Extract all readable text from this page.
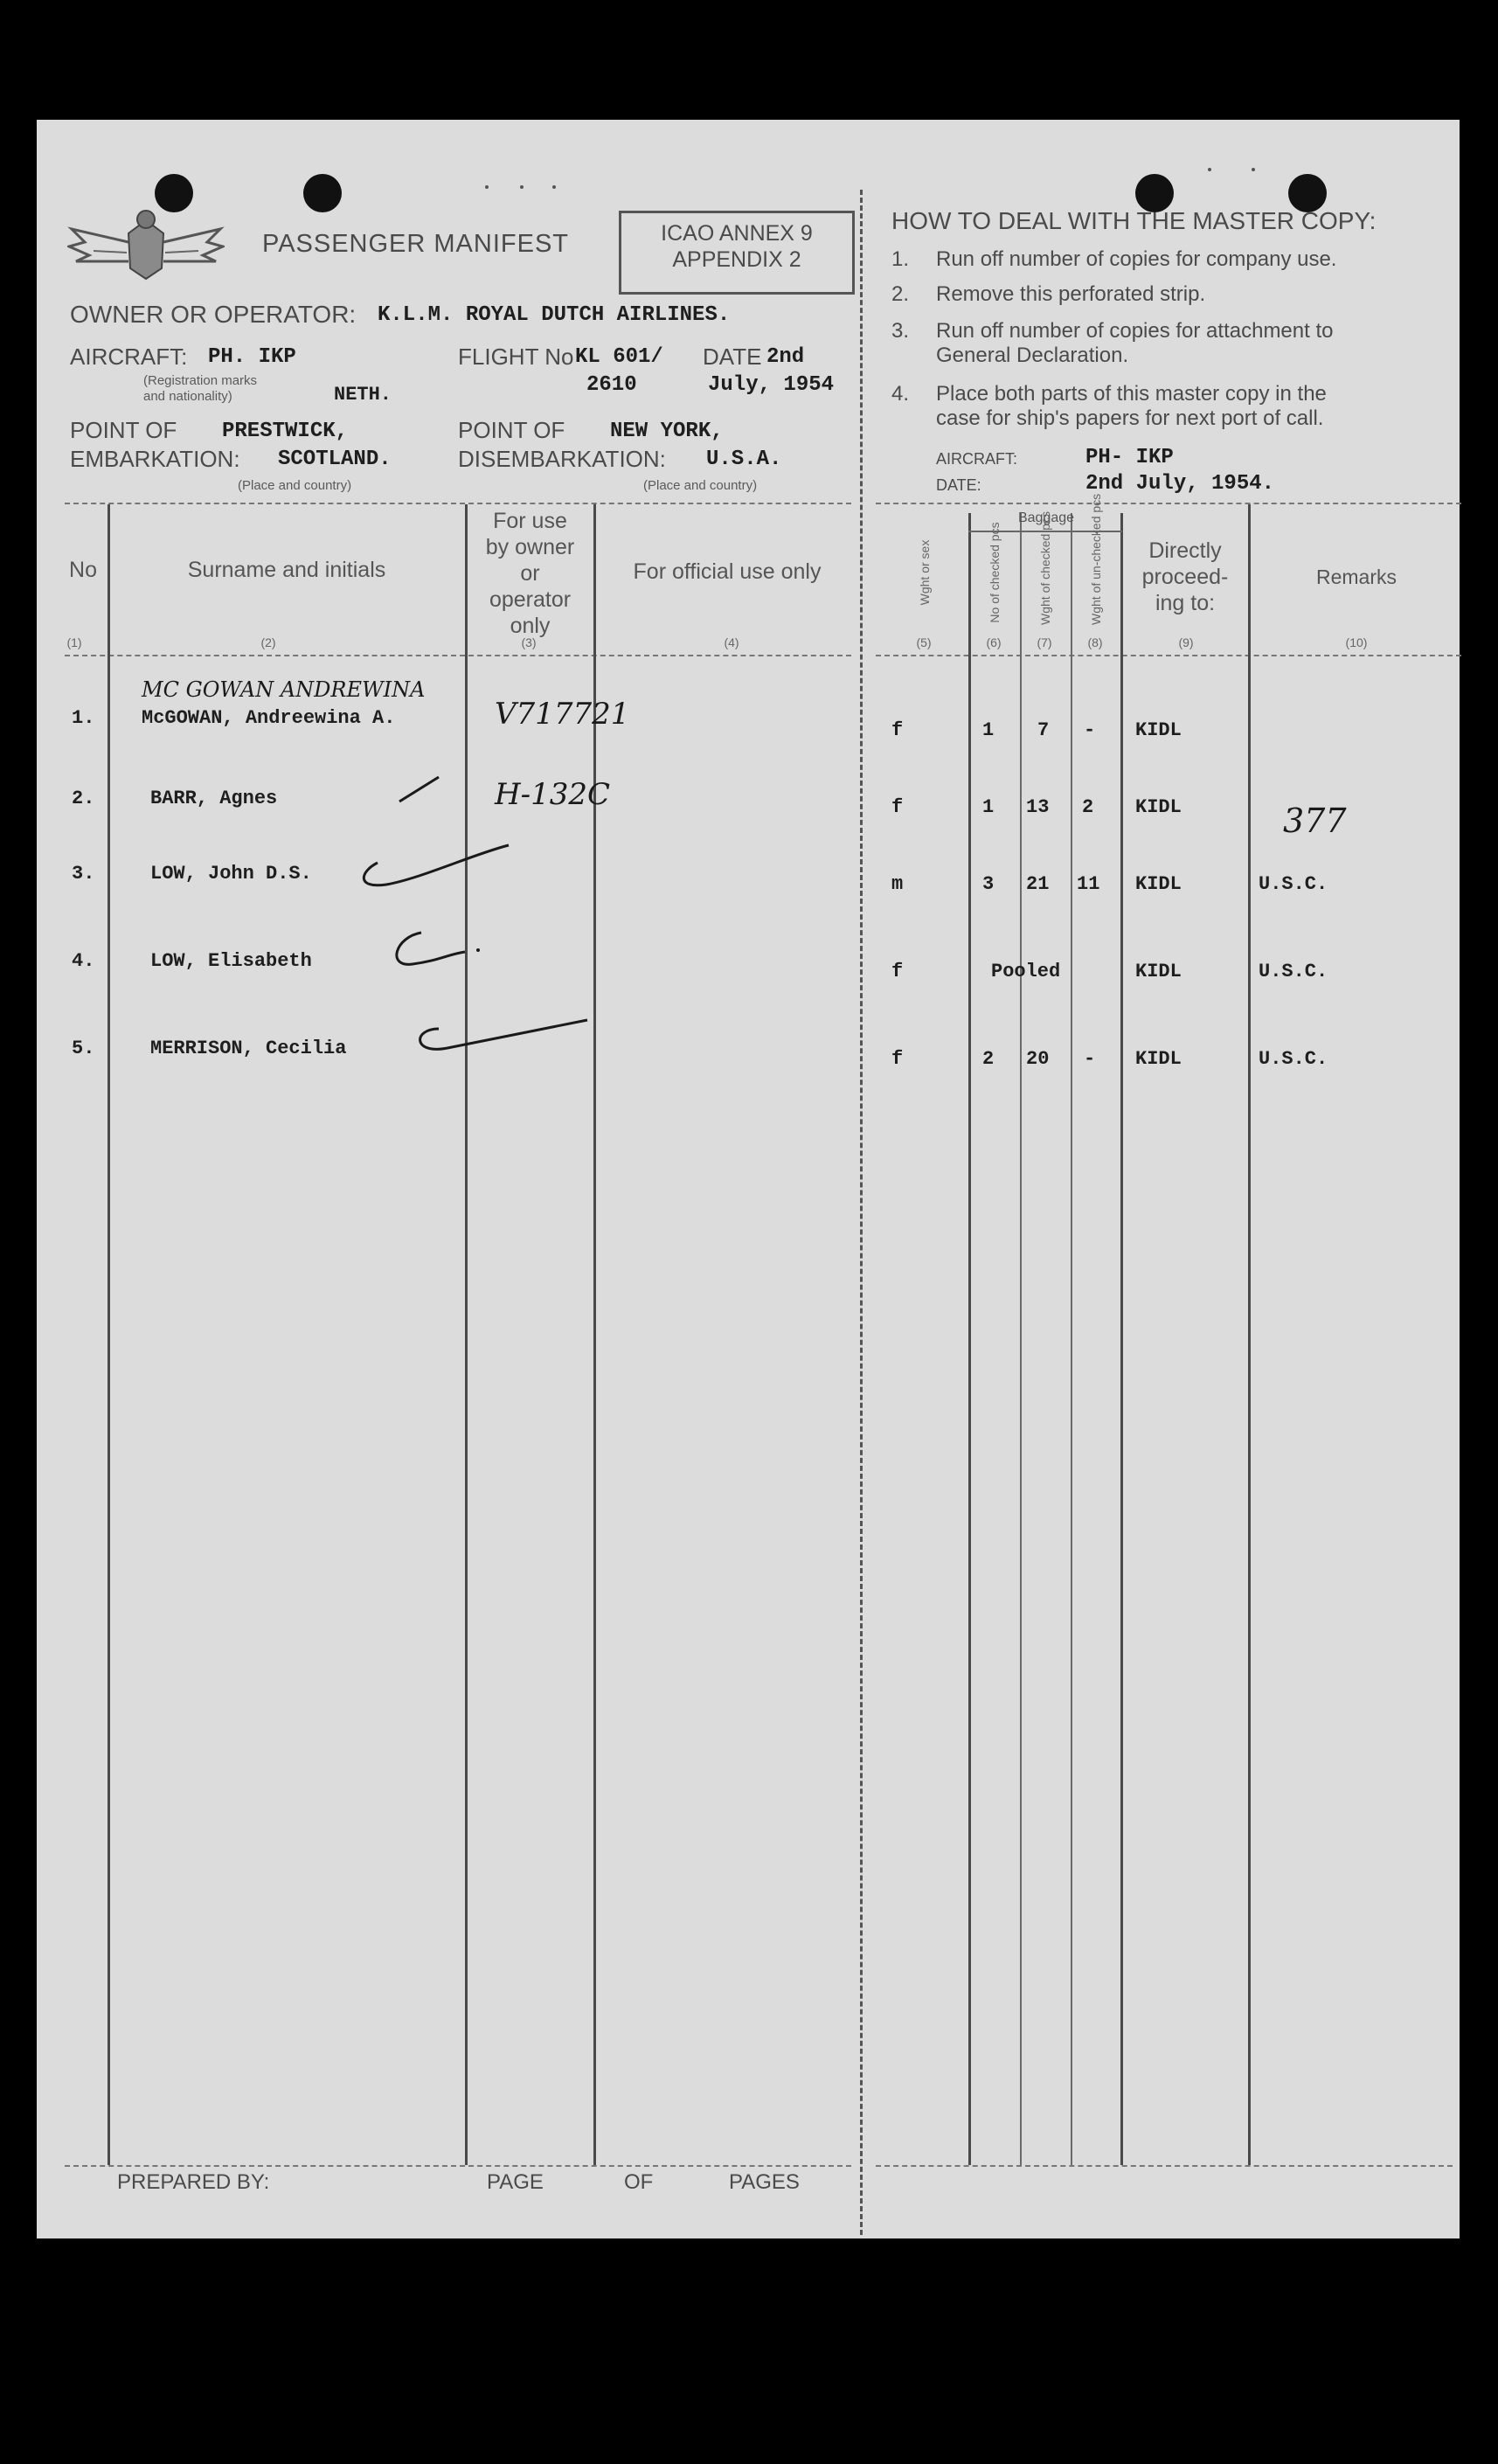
PASSENGER MANIFEST	ICAO ANNEX 9
APPENDIX 2
OWNER OR OPERATOR: K.L.M. ROYAL DUTCH AIRLINES.
AIRCRAFT: PH. IKP
(Registration marks
and nationality)	NETH.
FLIGHT No KL 601/ DATE 2nd
2610	July, 1954
POINT OF
EMBARKATION:
PRESTWICK,
SCOTLAND.
(Place and country)
POINT OF
DISEMBARKATION:
NEW YORK,
U.S.A.
(Place and country)
HOW TO DEAL WITH THE MASTER COPY:
1. Run off number of copies for company use.
2. Remove this perforated strip.
3. Run off number of copies for attachment to
General Declaration.
4. Place both parts of this master copy in the
case for ship's papers for next port of call.
AIRCRAFT:	PH- IKP
DATE:	2nd July, 1954.
No	Surname and initials
For use
by owner
or
operator
only
For official use only	Wght or sex
Baggage
No of checked pcs	Wght of checked pcs	Wght of un-checked pcs	Directly
proceed-
ing to:
Remarks
(1)	(2)	(3)	(4)	(5)	(6)	(7)	(8)	(9)	(10)
1.
MC GOWAN ANDREWINA
McGOWAN, Andreewina A.	V717721	f	1 7 - KIDL
2.	BARR, Agnes	H-132C	f	1 13 2 KIDL	377
3.	LOW, John D.S.	m	3 21 11 KIDL	U.S.C.
4.	LOW, Elisabeth	f	Pooled	KIDL	U.S.C.
5.	MERRISON, Cecilia	f	2 20 - KIDL	U.S.C.
PREPARED BY:	PAGE	OF	PAGES
